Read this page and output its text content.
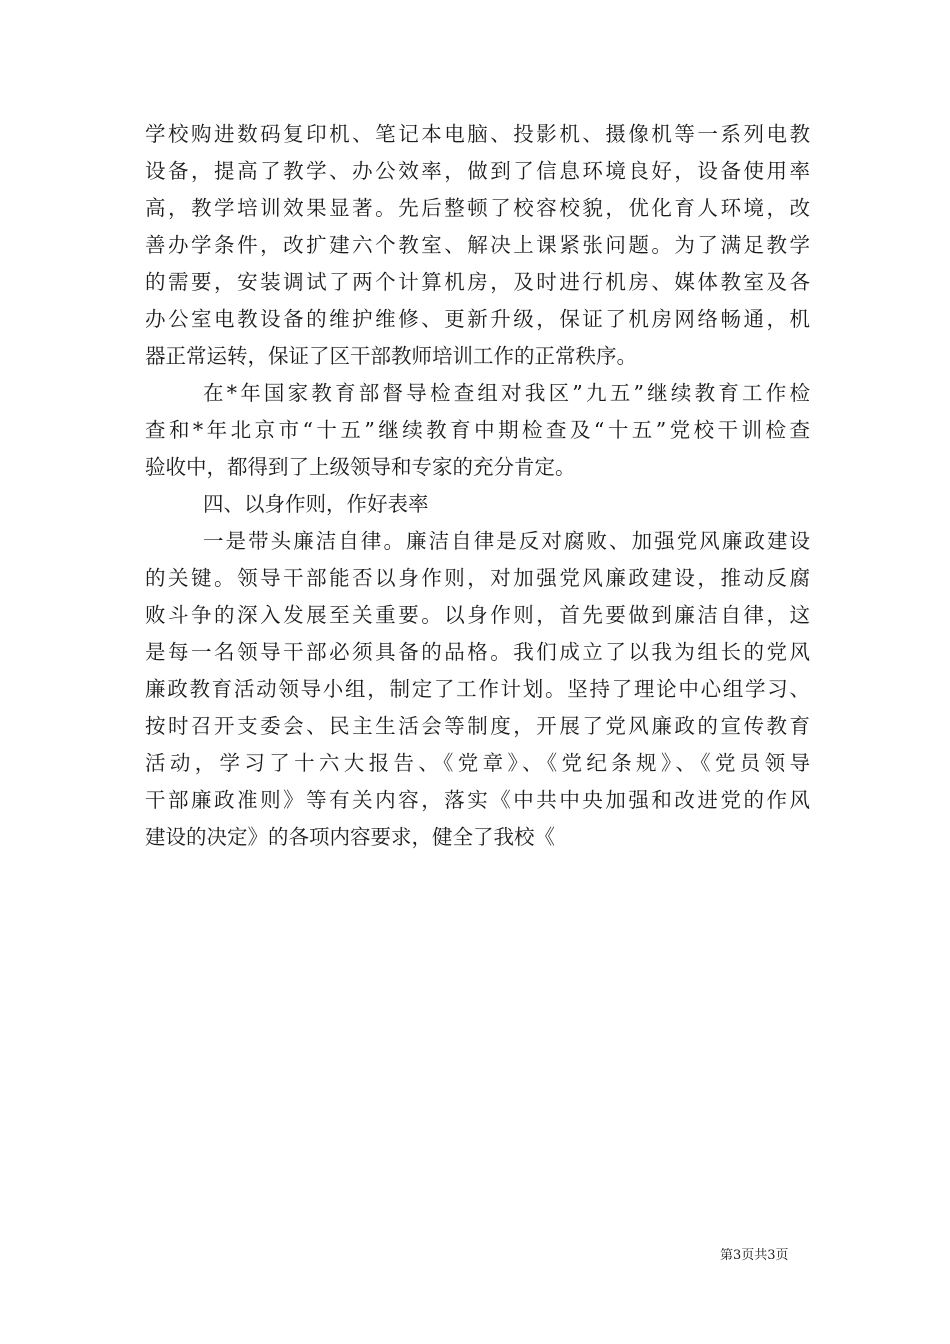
学校购进数码复印机、笔记本电脑、投影机、摄像机等一系列电教
设备，提高了教学、办公效率，做到了信息环境良好，设备使用率
高，教学培训效果显著。先后整顿了校容校貌，优化育人环境，改
善办学条件，改扩建六个教室、解决上课紧张问题。为了满足教学
的需要，安装调试了两个计算机房，及时进行机房、媒体教室及各
办公室电教设备的维护维修、更新升级，保证了机房网络畅通，机
器正常运转，保证了区干部教师培训工作的正常秩序。
在*年国家教育部督导检查组对我区”九五”继续教育工作检
查和*年北京市“十五”继续教育中期检查及“十五”党校干训检查
验收中，都得到了上级领导和专家的充分肯定。
四、以身作则，作好表率
一是带头廉洁自律。廉洁自律是反对腐败、加强党风廉政建设
的关键。领导干部能否以身作则，对加强党风廉政建设，推动反腐
败斗争的深入发展至关重要。以身作则，首先要做到廉洁自律，这
是每一名领导干部必须具备的品格。我们成立了以我为组长的党风
廉政教育活动领导小组，制定了工作计划。坚持了理论中心组学习、
按时召开支委会、民主生活会等制度，开展了党风廉政的宣传教育
活动，学习了十六大报告、《党章》、《党纪条规》、《党员领导
干部廉政准则》等有关内容，落实《中共中央加强和改进党的作风
建设的决定》的各项内容要求，健全了我校《
第3页共3页
